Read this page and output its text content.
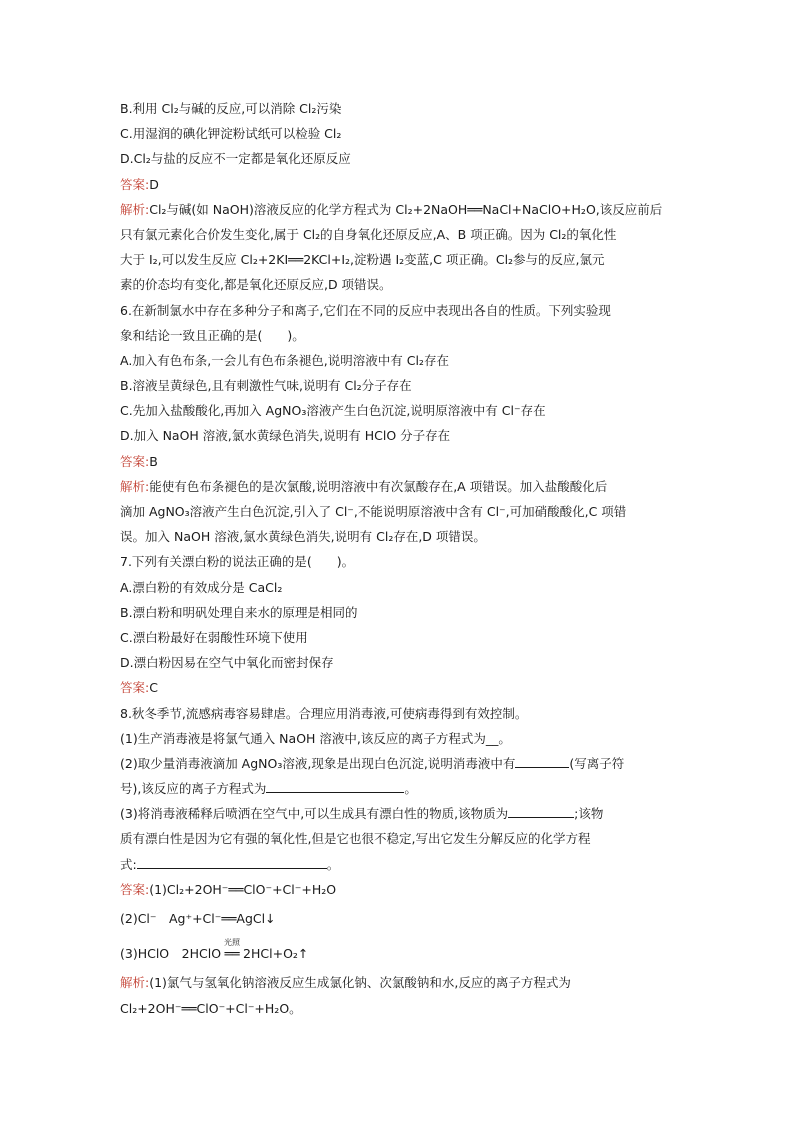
B.利用 Cl₂与碱的反应,可以消除 Cl₂污染
C.用湿润的碘化钾淀粉试纸可以检验 Cl₂
D.Cl₂与盐的反应不一定都是氧化还原反应
答案:D
解析:Cl₂与碱(如 NaOH)溶液反应的化学方程式为 Cl₂+2NaOH══NaCl+NaClO+H₂O,该反应前后
只有氯元素化合价发生变化,属于 Cl₂的自身氧化还原反应,A、B 项正确。因为 Cl₂的氧化性
大于 I₂,可以发生反应 Cl₂+2KI══2KCl+I₂,淀粉遇 I₂变蓝,C 项正确。Cl₂参与的反应,氯元
素的价态均有变化,都是氧化还原反应,D 项错误。
6.在新制氯水中存在多种分子和离子,它们在不同的反应中表现出各自的性质。下列实验现
象和结论一致且正确的是(　　)。
A.加入有色布条,一会儿有色布条褪色,说明溶液中有 Cl₂存在
B.溶液呈黄绿色,且有刺激性气味,说明有 Cl₂分子存在
C.先加入盐酸酸化,再加入 AgNO₃溶液产生白色沉淀,说明原溶液中有 Cl⁻存在
D.加入 NaOH 溶液,氯水黄绿色消失,说明有 HClO 分子存在
答案:B
解析:能使有色布条褪色的是次氯酸,说明溶液中有次氯酸存在,A 项错误。加入盐酸酸化后
滴加 AgNO₃溶液产生白色沉淀,引入了 Cl⁻,不能说明原溶液中含有 Cl⁻,可加硝酸酸化,C 项错
误。加入 NaOH 溶液,氯水黄绿色消失,说明有 Cl₂存在,D 项错误。
7.下列有关漂白粉的说法正确的是(　　)。
A.漂白粉的有效成分是 CaCl₂
B.漂白粉和明矾处理自来水的原理是相同的
C.漂白粉最好在弱酸性环境下使用
D.漂白粉因易在空气中氧化而密封保存
答案:C
8.秋冬季节,流感病毒容易肆虐。合理应用消毒液,可使病毒得到有效控制。
(1)生产消毒液是将氯气通入 NaOH 溶液中,该反应的离子方程式为__。
(2)取少量消毒液滴加 AgNO₃溶液,现象是出现白色沉淀,说明消毒液中有	(写离子符
号),该反应的离子方程式为	。
(3)将消毒液稀释后喷洒在空气中,可以生成具有漂白性的物质,该物质为	;该物
质有漂白性是因为它有强的氧化性,但是它也很不稳定,写出它发生分解反应的化学方程
式:	。
答案:(1)Cl₂+2OH⁻══ClO⁻+Cl⁻+H₂O
(2)Cl⁻　Ag⁺+Cl⁻══AgCl↓
(3)HClO　2HClO
光照
══ 2HCl+O₂↑
解析:(1)氯气与氢氧化钠溶液反应生成氯化钠、次氯酸钠和水,反应的离子方程式为
Cl₂+2OH⁻══ClO⁻+Cl⁻+H₂O。
